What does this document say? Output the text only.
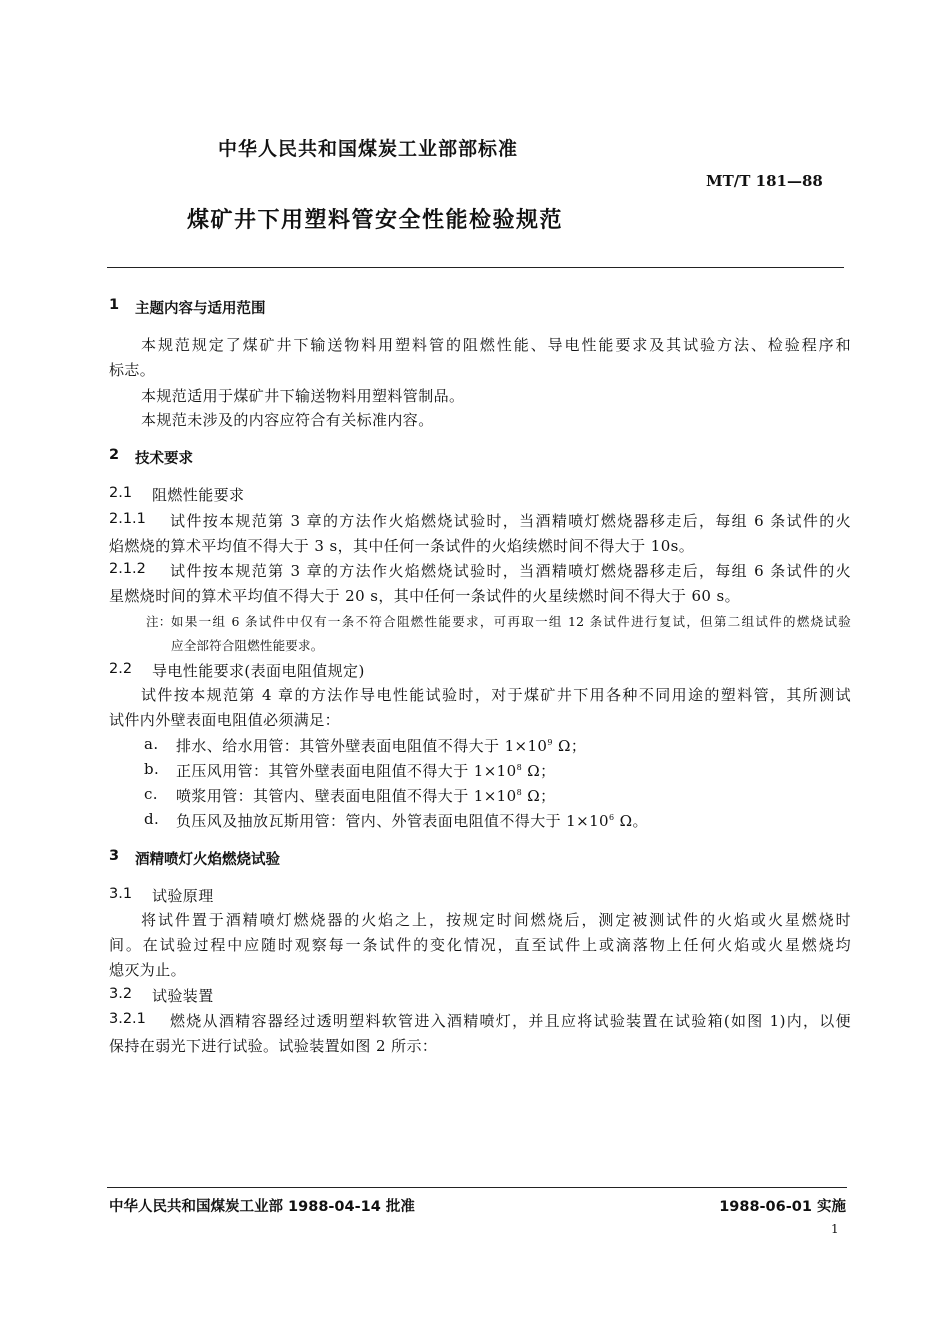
中华人民共和国煤炭工业部部标准
MT/T 181—88
煤矿井下用塑料管安全性能检验规范
1 主题内容与适用范围
本规范规定了煤矿井下输送物料用塑料管的阻燃性能、导电性能要求及其试验方法、检验程序和
标志。
本规范适用于煤矿井下输送物料用塑料管制品。
本规范未涉及的内容应符合有关标准内容。
2 技术要求
2.1 阻燃性能要求
2.1.1 试件按本规范第 3 章的方法作火焰燃烧试验时，当酒精喷灯燃烧器移走后，每组 6 条试件的火
焰燃烧的算术平均值不得大于 3 s，其中任何一条试件的火焰续燃时间不得大于 10s。
2.1.2 试件按本规范第 3 章的方法作火焰燃烧试验时，当酒精喷灯燃烧器移走后，每组 6 条试件的火
星燃烧时间的算术平均值不得大于 20 s，其中任何一条试件的火星续燃时间不得大于 60 s。
注： 如果一组 6 条试件中仅有一条不符合阻燃性能要求，可再取一组 12 条试件进行复试，但第二组试件的燃烧试验
应全部符合阻燃性能要求。
2.2 导电性能要求(表面电阻值规定)
试件按本规范第 4 章的方法作导电性能试验时，对于煤矿井下用各种不同用途的塑料管，其所测试
试件内外壁表面电阻值必须满足：
a. 排水、给水用管：其管外壁表面电阻值不得大于 $1\times 10^9$ Ω；
b. 正压风用管：其管外壁表面电阻值不得大于 $1\times 10^8$ Ω；
c. 喷浆用管：其管内、壁表面电阻值不得大于 $1\times 10^8$ Ω；
d. 负压风及抽放瓦斯用管：管内、外管表面电阻值不得大于 $1\times 10^6$ Ω。
3 酒精喷灯火焰燃烧试验
3.1 试验原理
将试件置于酒精喷灯燃烧器的火焰之上，按规定时间燃烧后，测定被测试件的火焰或火星燃烧时
间。在试验过程中应随时观察每一条试件的变化情况，直至试件上或滴落物上任何火焰或火星燃烧均
熄灭为止。
3.2 试验装置
3.2.1 燃烧从酒精容器经过透明塑料软管进入酒精喷灯，并且应将试验装置在试验箱(如图 1)内，以便
保持在弱光下进行试验。试验装置如图 2 所示：
中华人民共和国煤炭工业部 1988-04-14 批准	1988-06-01 实施
1
